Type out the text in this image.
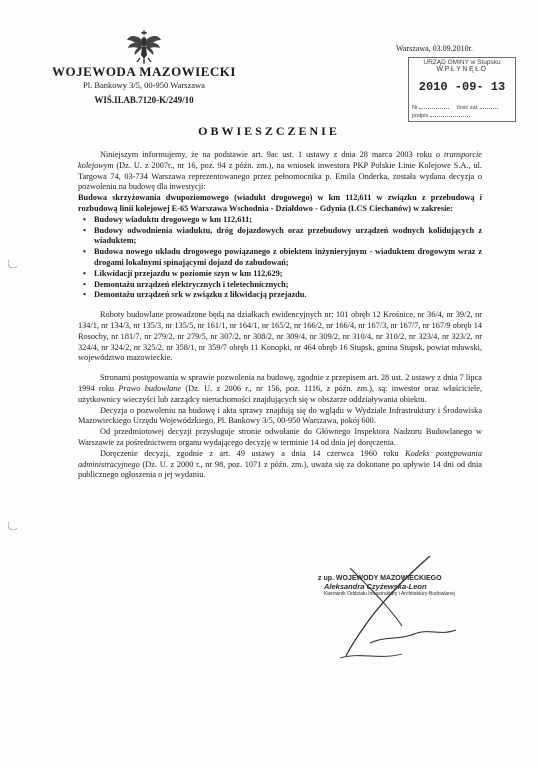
WOJEWODA MAZOWIECKI
Pl. Bankowy 3/5, 00-950 Warszawa
WIŚ.II.AB.7120-K/249/10
Warszawa, 03.09.2010r.
URZĄD GMINY w Stupsku
WPŁYNĘŁO
2010 -09- 13
Nr	Ilość zał.
podpis
OBWIESZCZENIE

Niniejszym informujemy, że na podstawie art. 9ac ust. 1 ustawy z dnia 28 marca 2003 roku o transporcie kolejowym (Dz. U. z 2007r., nr 16, poz. 94 z późn. zm.), na wniosek inwestora PKP Polskie Linie Kolejowe S.A., ul. Targowa 74, 03-734 Warszawa reprezentowanego przez pełnomocnika p. Emila Onderka, została wydana decyzja o pozwoleniu na budowę dla inwestycji:

Budowa skrzyżowania dwupoziomowego (wiadukt drogowego) w km 112,611 w związku z przebudową i rozbudową linii kolejowej E-65 Warszawa Wschodnia - Działdowo - Gdynia (LCS Ciechanów) w zakresie:

• Budowy wiaduktu drogowego w km 112,611;
• Budowy odwodnienia wiaduktu, dróg dojazdowych oraz przebudowy urządzeń wodnych kolidujących z wiaduktem;
• Budowa nowego układu drogowego powiązanego z obiektem inżynieryjnym - wiaduktem drogowym wraz z drogami lokalnymi spinającymi dojazd do zabudowań;
• Likwidacji przejazdu w poziomie szyn w km 112,629;
• Demontażu urządzeń elektrycznych i teletechnicznych;
• Demontażu urządzeń srk w związku z likwidacją przejazdu.

Roboty budowlane prowadzone będą na działkach ewidencyjnych nr: 101 obręb 12 Krośnice, nr 36/4, nr 39/2, nr 134/1, nr 134/3, nr 135/3, nr 135/5, nr 161/1, nr 164/1, nr 165/2, nr 166/2, nr 166/4, nr 167/3, nr 167/7, nr 167/9 obręb 14 Rosochy, nr 181/7, nr 279/2, nr 279/5, nr 307/2, nr 308/2, nr 309/4, nr 309/2, nr 310/4, nr 310/2, nr 323/4, nr 323/2, nr 324/4, nr 324/2, nr 325/2, nr 358/1, nr 359/7 obręb 11 Konopki, nr 464 obręb 16 Stupsk, gmina Stupsk, powiat mławski, województwo mazowieckie.

Stronami postępowania w sprawie pozwolenia na budowę, zgodnie z przepisem art. 28 ust. 2 ustawy z dnia 7 lipca 1994 roku Prawo budowlane (Dz. U. z 2006 r., nr 156, poz. 1116, z późn. zm.), są: inwestor oraz właściciele, użytkownicy wieczyści lub zarządcy nieruchomości znajdujących się w obszarze oddziaływania obiektu.

Decyzja o pozwoleniu na budowę i akta sprawy znajdują się do wglądu w Wydziale Infrastruktury i Środowiska Mazowieckiego Urzędu Wojewódzkiego, Pl. Bankowy 3/5, 00-950 Warszawa, pokój 600.

Od przedmiotowej decyzji przysługuje stronie odwołanie do Głównego Inspektora Nadzoru Budowlanego w Warszawie za pośrednictwem organu wydającego decyzję w terminie 14 od dnia jej doręczenia.

Doręczenie decyzji, zgodnie z art. 49 ustawy a dnia 14 czerwca 1960 roku Kodeks postępowania administracyjnego (Dz. U. z 2000 r., nr 98, poz. 1071 z późn. zm.), uważa się za dokonane po upływie 14 dni od dnia publicznego ogłoszenia o jej wydaniu.

z up. WOJEWODY MAZOWIECKIEGO
Aleksandra Czyżewska-Leon
Kierownik Oddziału Infrastruktury i Architektury-Budowlanej
